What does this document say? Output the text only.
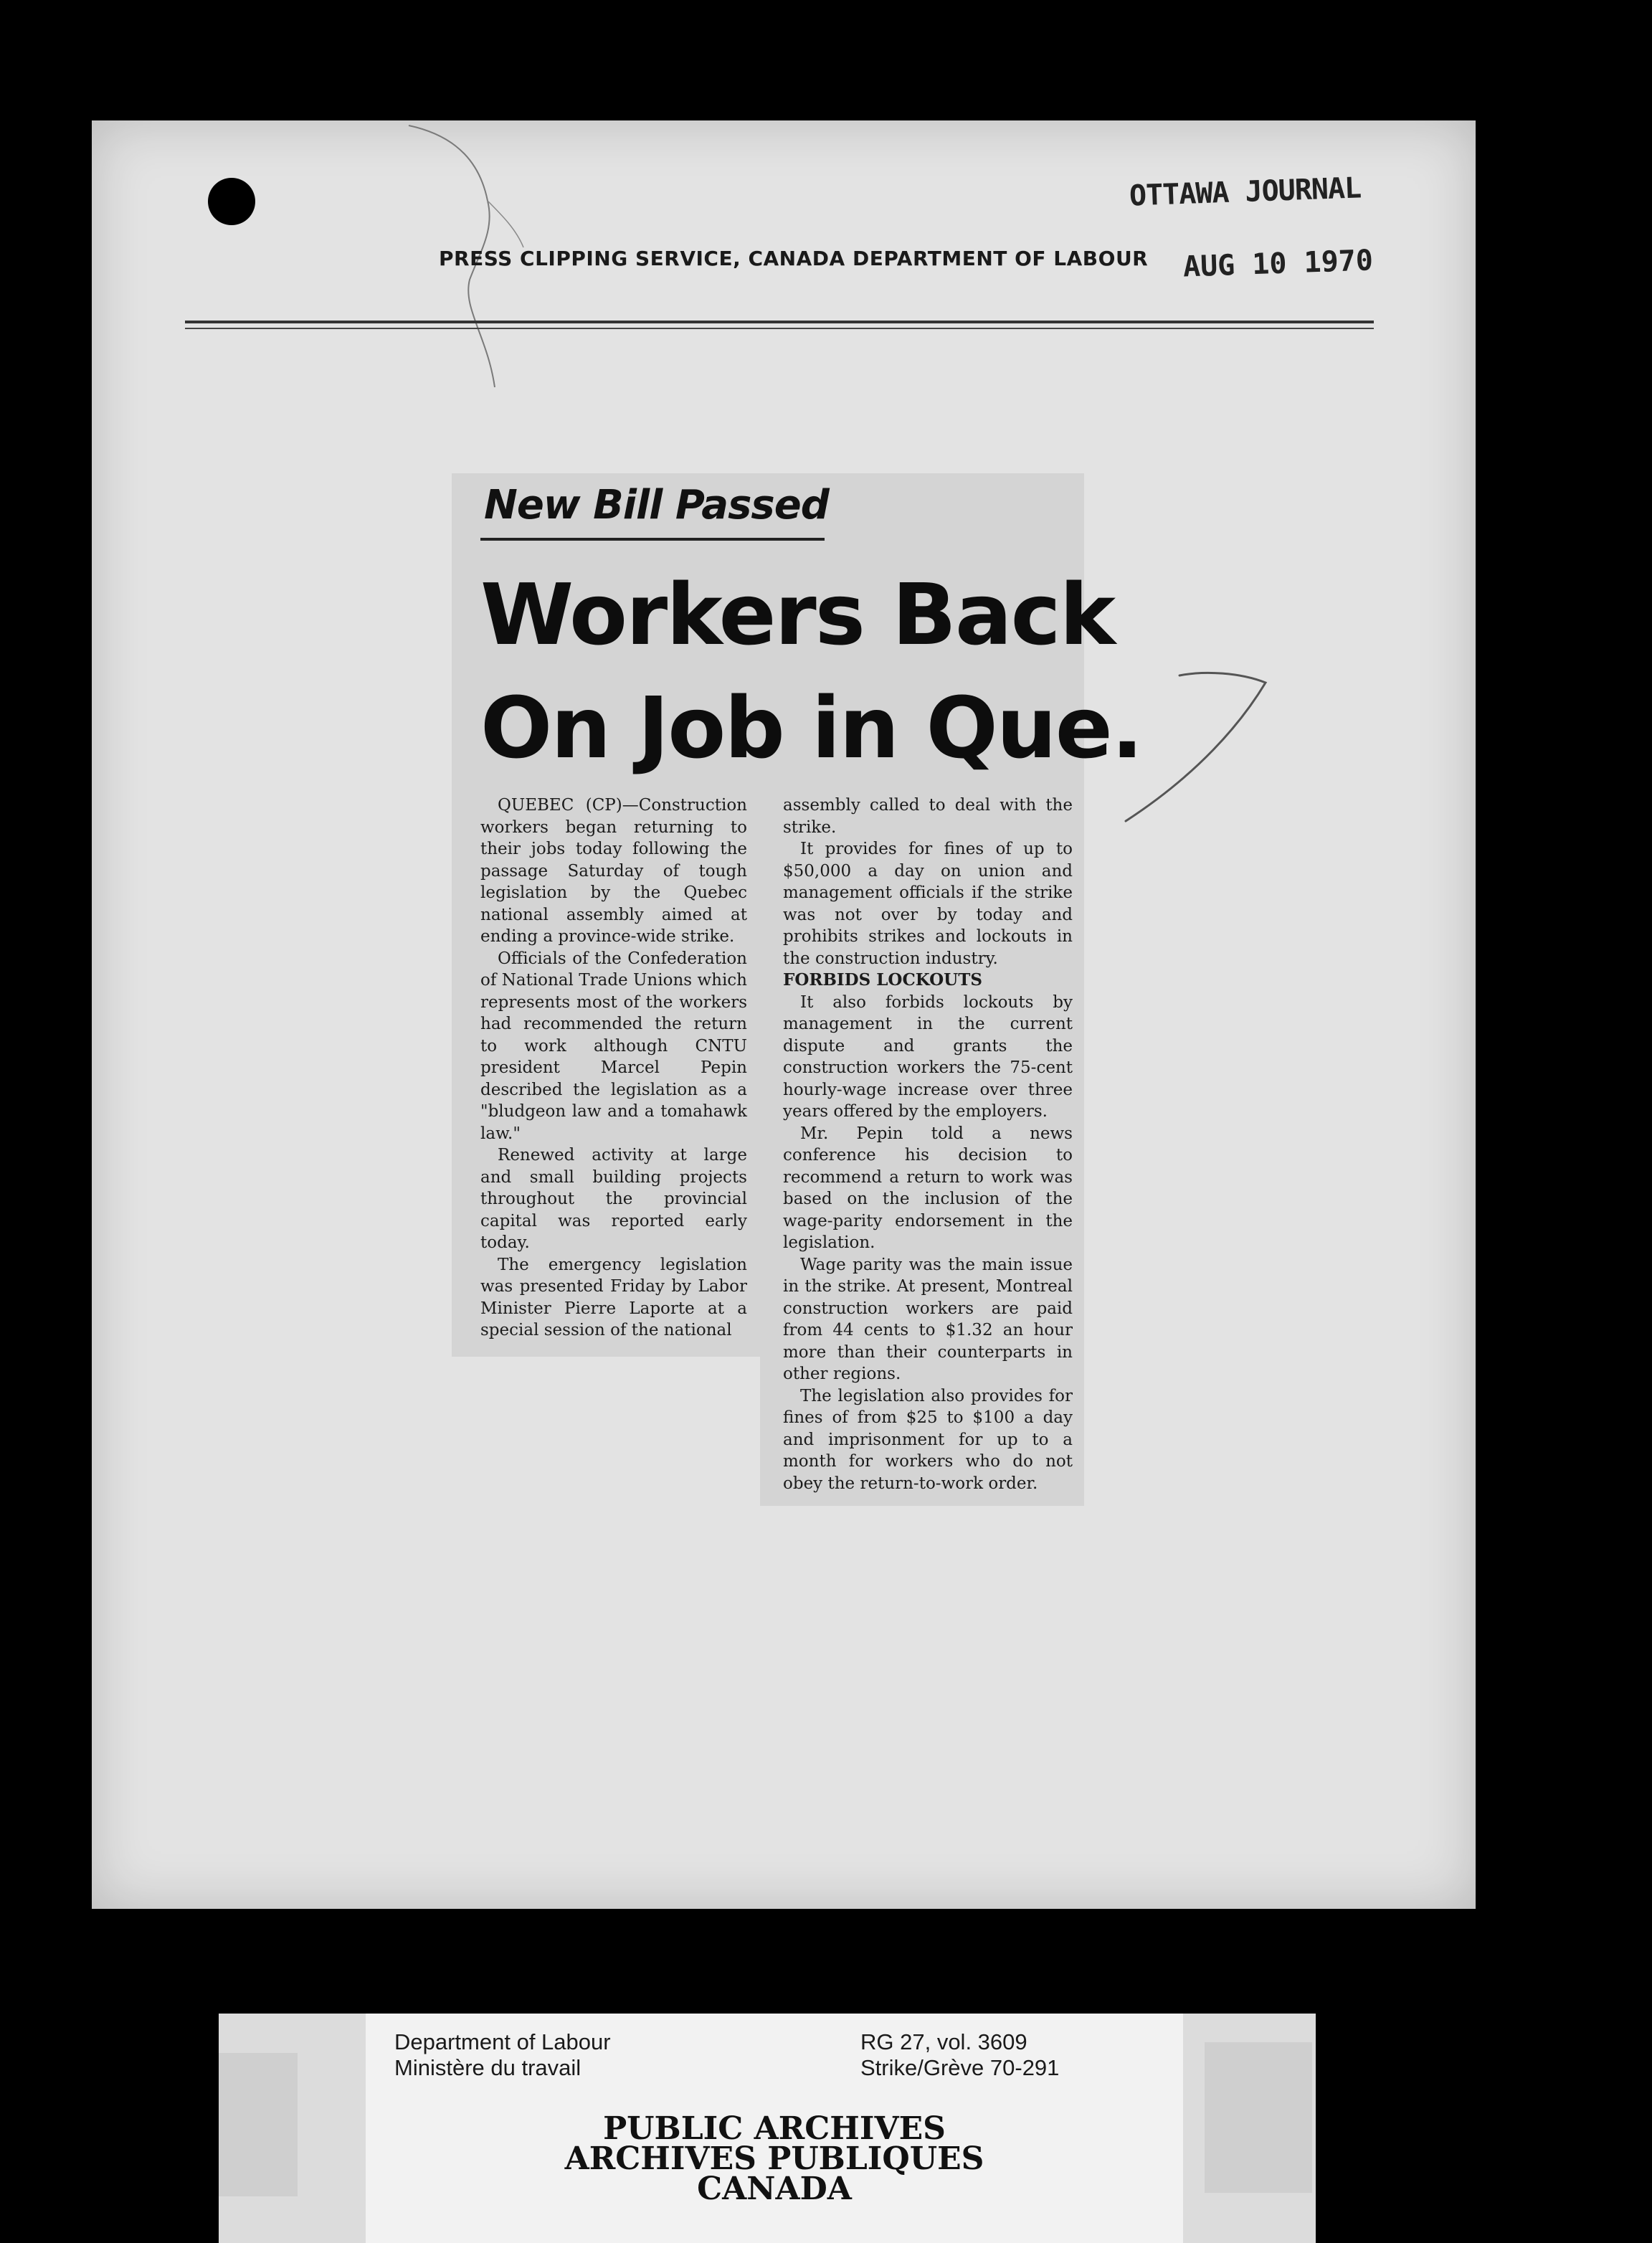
OTTAWA JOURNAL
AUG 10 1970
PRESS CLIPPING SERVICE, CANADA DEPARTMENT OF LABOUR
New Bill Passed
Workers Back
On Job in Que.

QUEBEC (CP)—Construction workers began returning to their jobs today following the passage Saturday of tough legislation by the Quebec national assembly aimed at ending a province-wide strike.

Officials of the Confederation of National Trade Unions which represents most of the workers had recommended the return to work although CNTU president Marcel Pepin described the legislation as a "bludgeon law and a tomahawk law."

Renewed activity at large and small building projects throughout the provincial capital was reported early today.

The emergency legislation was presented Friday by Labor Minister Pierre Laporte at a special session of the national

assembly called to deal with the strike.

It provides for fines of up to $50,000 a day on union and management officials if the strike was not over by today and prohibits strikes and lockouts in the construction industry.

FORBIDS LOCKOUTS

It also forbids lockouts by management in the current dispute and grants the construction workers the 75-cent hourly-wage increase over three years offered by the employers.

Mr. Pepin told a news conference his decision to recommend a return to work was based on the inclusion of the wage-parity endorsement in the legislation.

Wage parity was the main issue in the strike. At present, Montreal construction workers are paid from 44 cents to $1.32 an hour more than their counterparts in other regions.

The legislation also provides for fines of from $25 to $100 a day and imprisonment for up to a month for workers who do not obey the return-to-work order.

Department of Labour
Ministère du travail
RG 27, vol. 3609
Strike/Grève 70-291
PUBLIC ARCHIVES
ARCHIVES PUBLIQUES
CANADA
